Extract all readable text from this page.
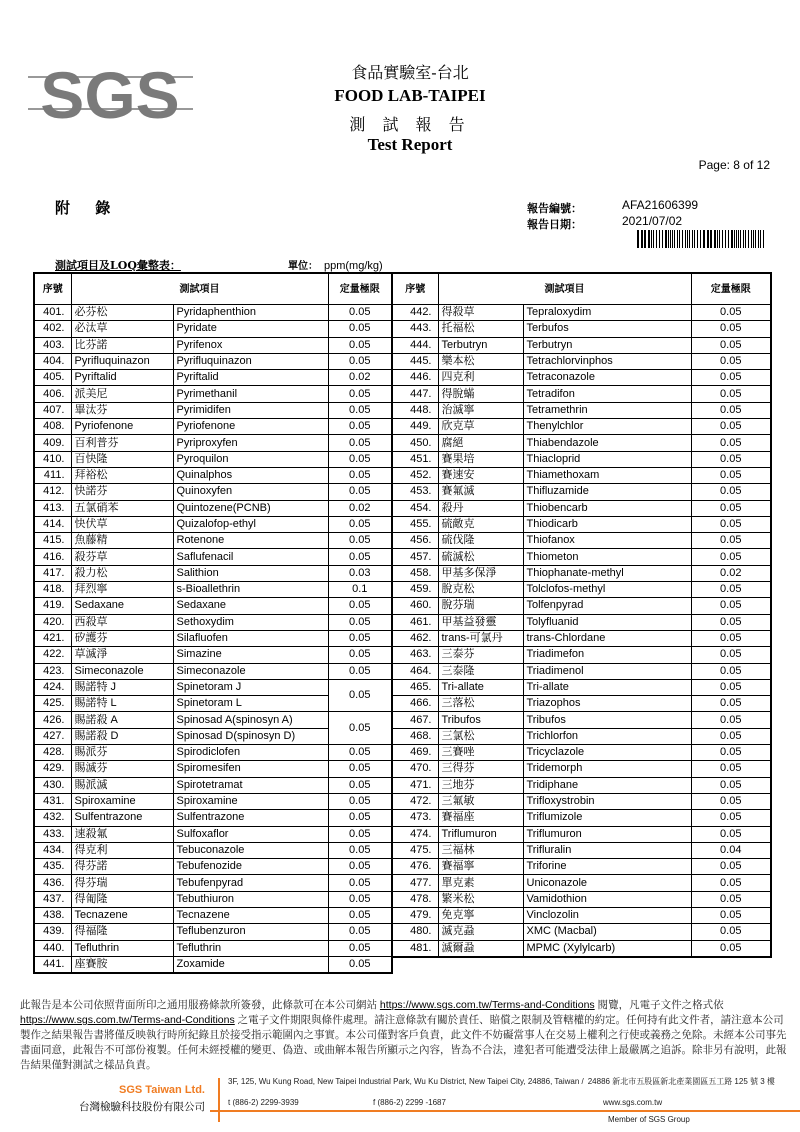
SGS	食品實驗室-台北
FOOD LAB-TAIPEI
測 試 報 告
Test Report
Page: 8 of 12
附 錄	報告編號：	AFA21606399
報告日期：	2021/07/02
測試項目及LOQ彙整表：	單位： ppm(mg/kg)
序號	測試項目		定量極限
401.	必芬松	Pyridaphenthion	0.05
402.	必汰草	Pyridate	0.05
403.	比芬諾	Pyrifenox	0.05
404.	Pyrifluquinazon	Pyrifluquinazon	0.05
405.	Pyriftalid	Pyriftalid	0.02
406.	派美尼	Pyrimethanil	0.05
407.	畢汰芬	Pyrimidifen	0.05
408.	Pyriofenone	Pyriofenone	0.05
409.	百利普芬	Pyriproxyfen	0.05
410.	百快隆	Pyroquilon	0.05
411.	拜裕松	Quinalphos	0.05
412.	快諾芬	Quinoxyfen	0.05
413.	五氯硝苯	Quintozene(PCNB)	0.02
414.	快伏草	Quizalofop-ethyl	0.05
415.	魚藤精	Rotenone	0.05
416.	殺芬草	Saflufenacil	0.05
417.	殺力松	Salithion	0.03
418.	拜烈寧	s-Bioallethrin	0.1
419.	Sedaxane	Sedaxane	0.05
420.	西殺草	Sethoxydim	0.05
421.	矽護芬	Silafluofen	0.05
422.	草滅淨	Simazine	0.05
423.	Simeconazole	Simeconazole	0.05
424.	賜諾特 J	Spinetoram J	0.05
425.	賜諾特 L	Spinetoram L	
426.	賜諾殺 A	Spinosad A(spinosyn A)	0.05
427.	賜諾殺 D	Spinosad D(spinosyn D)	
428.	賜派芬	Spirodiclofen	0.05
429.	賜滅芬	Spiromesifen	0.05
430.	賜派滅	Spirotetramat	0.05
431.	Spiroxamine	Spiroxamine	0.05
432.	Sulfentrazone	Sulfentrazone	0.05
433.	速殺氟	Sulfoxaflor	0.05
434.	得克利	Tebuconazole	0.05
435.	得芬諾	Tebufenozide	0.05
436.	得芬瑞	Tebufenpyrad	0.05
437.	得匍隆	Tebuthiuron	0.05
438.	Tecnazene	Tecnazene	0.05
439.	得福隆	Teflubenzuron	0.05
440.	Tefluthrin	Tefluthrin	0.05
441.	座賽胺	Zoxamide	0.05
序號	測試項目		定量極限
442.	得殺草	Tepraloxydim	0.05
443.	托福松	Terbufos	0.05
444.	Terbutryn	Terbutryn	0.05
445.	樂本松	Tetrachlorvinphos	0.05
446.	四克利	Tetraconazole	0.05
447.	得脫蟎	Tetradifon	0.05
448.	治滅寧	Tetramethrin	0.05
449.	欣克草	Thenylchlor	0.05
450.	腐絕	Thiabendazole	0.05
451.	賽果培	Thiacloprid	0.05
452.	賽速安	Thiamethoxam	0.05
453.	賽氟滅	Thifluzamide	0.05
454.	殺丹	Thiobencarb	0.05
455.	硫敵克	Thiodicarb	0.05
456.	硫伐隆	Thiofanox	0.05
457.	硫滅松	Thiometon	0.05
458.	甲基多保淨	Thiophanate-methyl	0.02
459.	脫克松	Tolclofos-methyl	0.05
460.	脫芬瑞	Tolfenpyrad	0.05
461.	甲基益發靈	Tolyfluanid	0.05
462.	trans-可氯丹	trans-Chlordane	0.05
463.	三泰芬	Triadimefon	0.05
464.	三泰隆	Triadimenol	0.05
465.	Tri-allate	Tri-allate	0.05
466.	三落松	Triazophos	0.05
467.	Tribufos	Tribufos	0.05
468.	三氯松	Trichlorfon	0.05
469.	三賽唑	Tricyclazole	0.05
470.	三得芬	Tridemorph	0.05
471.	三地芬	Tridiphane	0.05
472.	三氟敏	Trifloxystrobin	0.05
473.	賽福座	Triflumizole	0.05
474.	Triflumuron	Triflumuron	0.05
475.	三福林	Trifluralin	0.04
476.	賽福寧	Triforine	0.05
477.	單克素	Uniconazole	0.05
478.	繁米松	Vamidothion	0.05
479.	免克寧	Vinclozolin	0.05
480.	滅克蝨	XMC (Macbal)	0.05
481.	滅爾蝨	MPMC (Xylylcarb)	0.05
此報告是本公司依照背面所印之通用服務條款所簽發，此條款可在本公司網站 https://www.sgs.com.tw/Terms-and-Conditions 閱覽，凡電子文件之格式依 https://www.sgs.com.tw/Terms-and-Conditions 之電子文件期限與條件處理。請注意條款有關於責任、賠償之限制及管轄權的約定。任何持有此文件者，請注意本公司製作之結果報告書將僅反映執行時所紀錄且於接受指示範圍內之事實。本公司僅對客戶負責，此文件不妨礙當事人在交易上權利之行使或義務之免除。未經本公司事先書面同意，此報告不可部份複製。任何未經授權的變更、偽造、或曲解本報告所顯示之內容，皆為不合法，違犯者可能遭受法律上最嚴厲之追訴。除非另有說明，此報告結果僅對測試之樣品負責。
SGS Taiwan Ltd.
台灣檢驗科技股份有限公司
3F, 125, Wu Kung Road, New Taipei Industrial Park, Wu Ku District, New Taipei City, 24886, Taiwan / 24886 新北市五股區新北產業園區五工路 125 號 3 樓
t (886-2) 2299-3939	f (886-2) 2299 -1687	www.sgs.com.tw
Member of SGS Group
